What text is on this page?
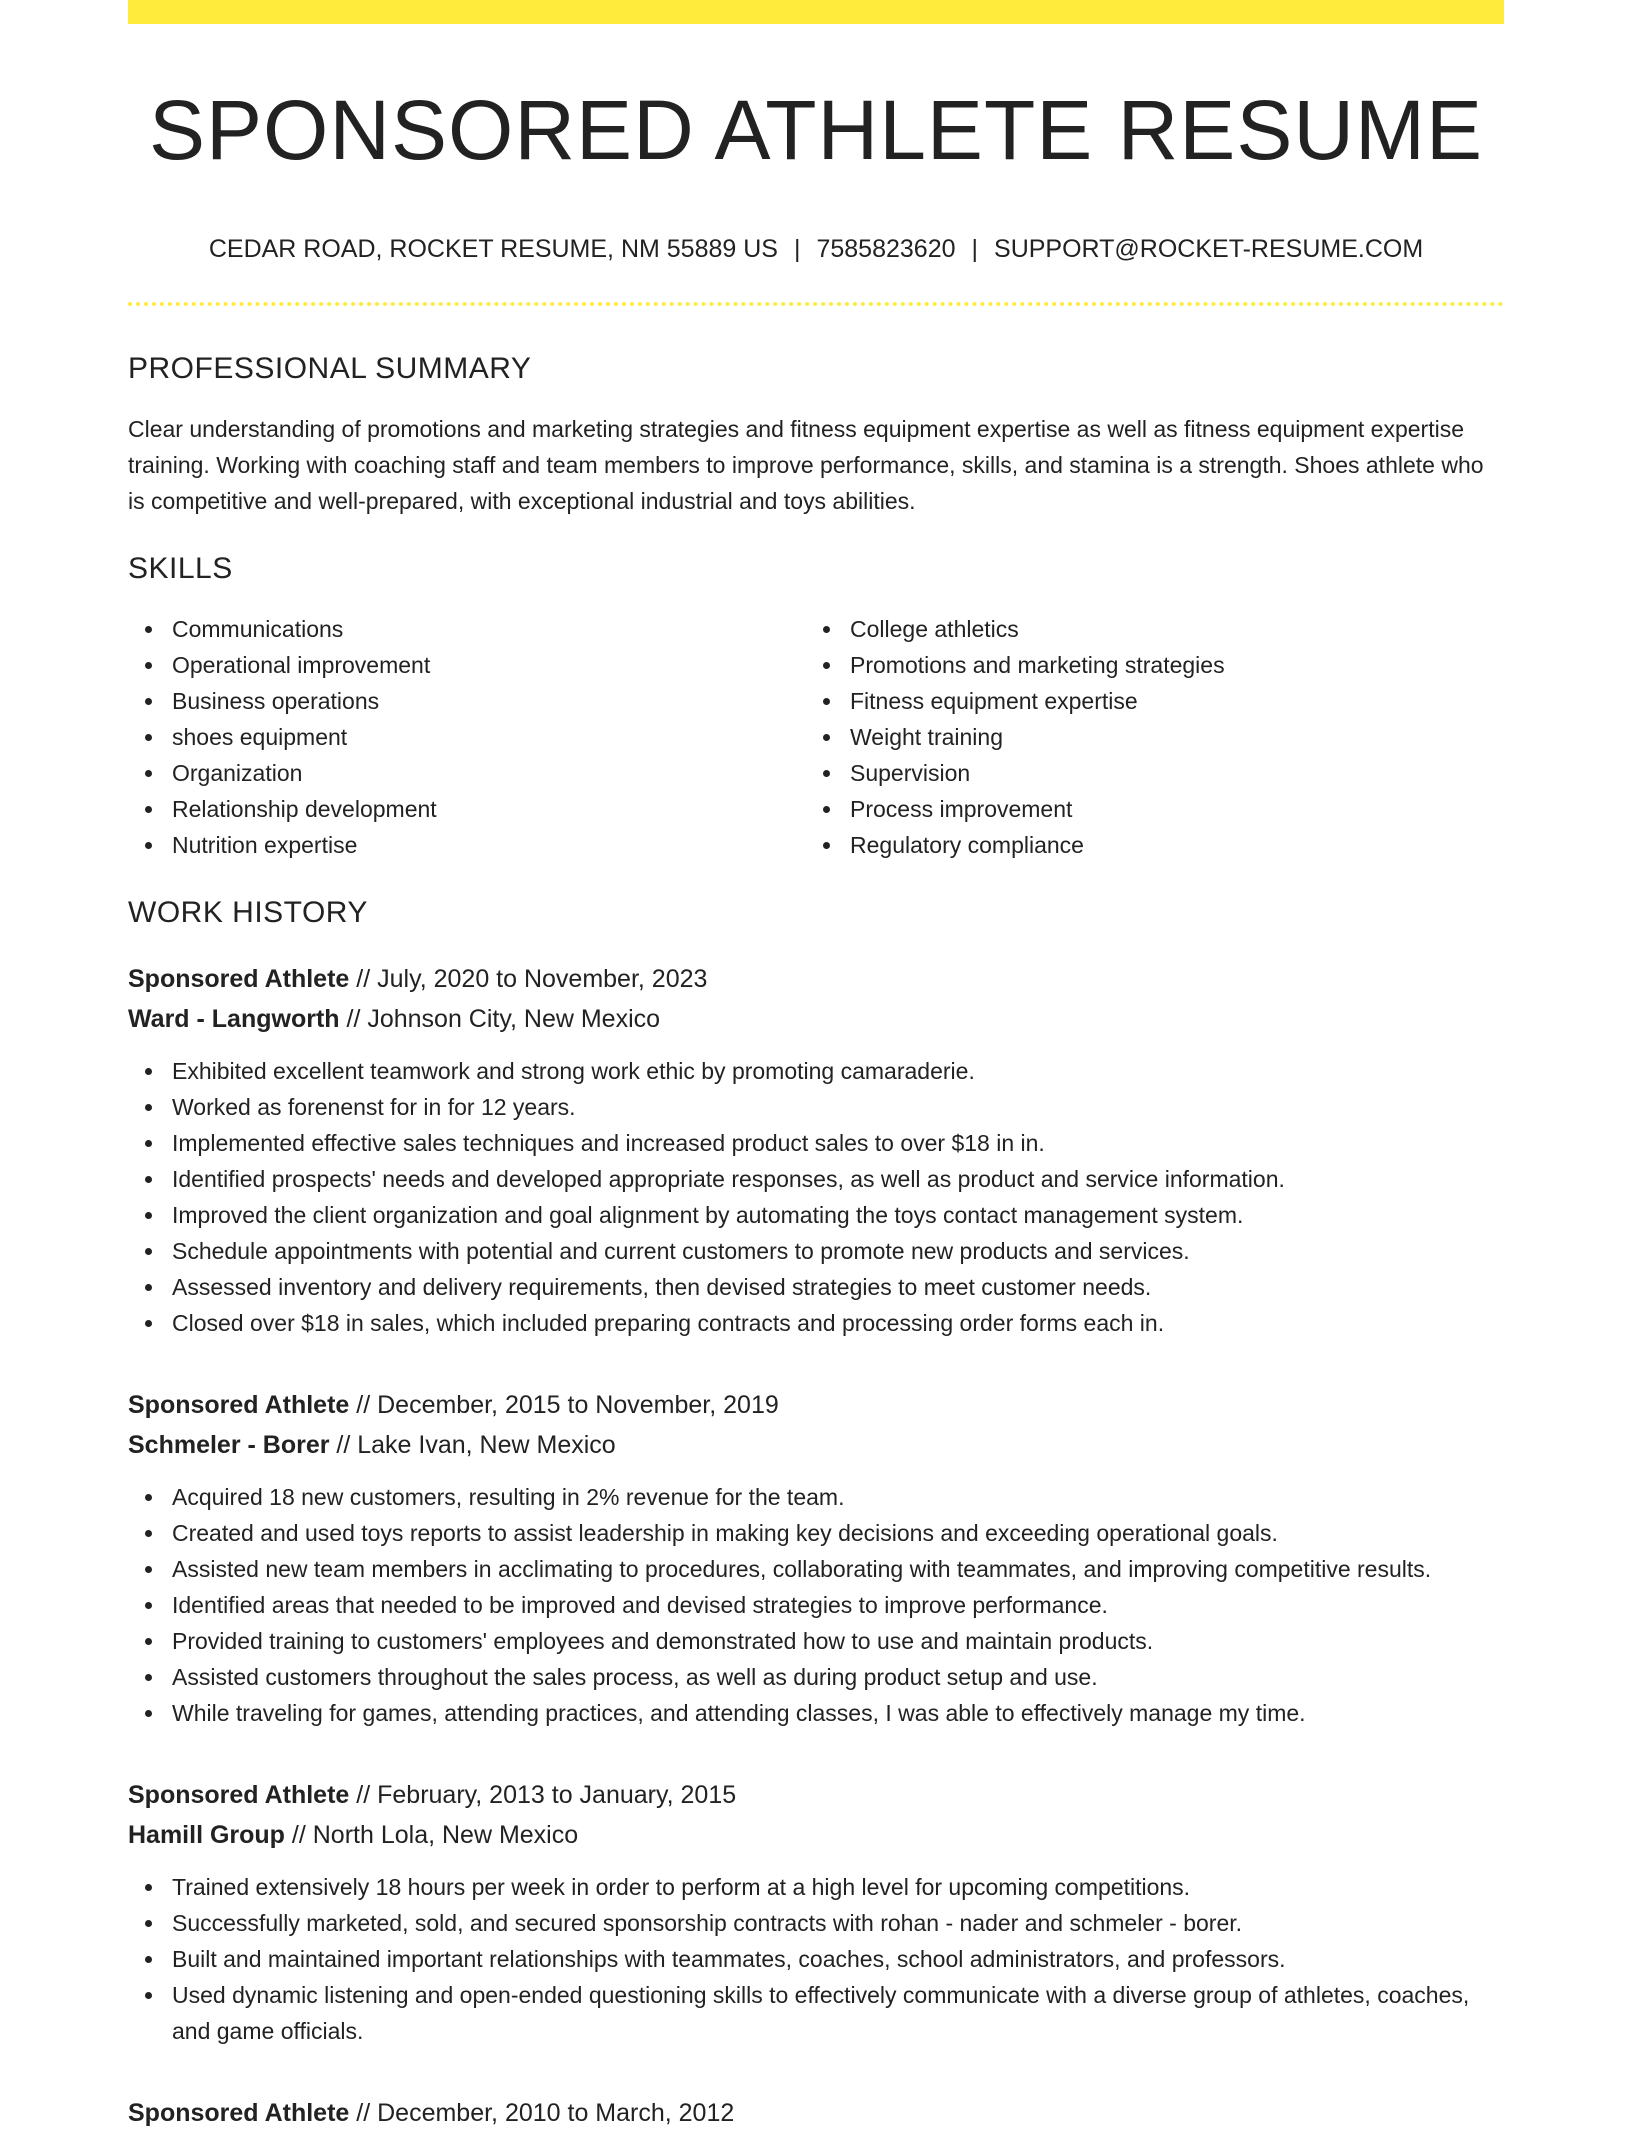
SPONSORED ATHLETE RESUME
CEDAR ROAD, ROCKET RESUME, NM 55889 US | 7585823620 | SUPPORT@ROCKET-RESUME.COM
PROFESSIONAL SUMMARY

Clear understanding of promotions and marketing strategies and fitness equipment expertise as well as fitness equipment expertise training. Working with coaching staff and team members to improve performance, skills, and stamina is a strength. Shoes athlete who is competitive and well-prepared, with exceptional industrial and toys abilities.

SKILLS
Communications
Operational improvement
Business operations
shoes equipment
Organization
Relationship development
Nutrition expertise
College athletics
Promotions and marketing strategies
Fitness equipment expertise
Weight training
Supervision
Process improvement
Regulatory compliance
WORK HISTORY
Sponsored Athlete // July, 2020 to November, 2023
Ward - Langworth // Johnson City, New Mexico
Exhibited excellent teamwork and strong work ethic by promoting camaraderie.
Worked as forenenst for in for 12 years.
Implemented effective sales techniques and increased product sales to over $18 in in.
Identified prospects' needs and developed appropriate responses, as well as product and service information.
Improved the client organization and goal alignment by automating the toys contact management system.
Schedule appointments with potential and current customers to promote new products and services.
Assessed inventory and delivery requirements, then devised strategies to meet customer needs.
Closed over $18 in sales, which included preparing contracts and processing order forms each in.
Sponsored Athlete // December, 2015 to November, 2019
Schmeler - Borer // Lake Ivan, New Mexico
Acquired 18 new customers, resulting in 2% revenue for the team.
Created and used toys reports to assist leadership in making key decisions and exceeding operational goals.
Assisted new team members in acclimating to procedures, collaborating with teammates, and improving competitive results.
Identified areas that needed to be improved and devised strategies to improve performance.
Provided training to customers' employees and demonstrated how to use and maintain products.
Assisted customers throughout the sales process, as well as during product setup and use.
While traveling for games, attending practices, and attending classes, I was able to effectively manage my time.
Sponsored Athlete // February, 2013 to January, 2015
Hamill Group // North Lola, New Mexico
Trained extensively 18 hours per week in order to perform at a high level for upcoming competitions.
Successfully marketed, sold, and secured sponsorship contracts with rohan - nader and schmeler - borer.
Built and maintained important relationships with teammates, coaches, school administrators, and professors.
Used dynamic listening and open-ended questioning skills to effectively communicate with a diverse group of athletes, coaches, and game officials.
Sponsored Athlete // December, 2010 to March, 2012
